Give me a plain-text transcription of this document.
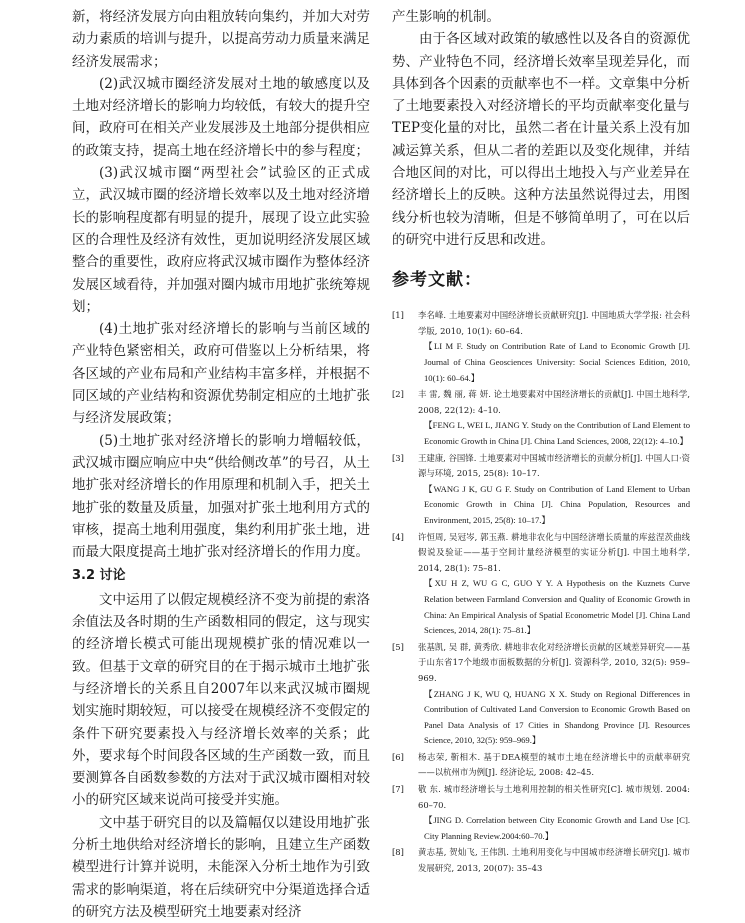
新，将经济发展方向由粗放转向集约，并加大对劳动力素质的培训与提升，以提高劳动力质量来满足经济发展需求；

(2)武汉城市圈经济发展对土地的敏感度以及土地对经济增长的影响力均较低，有较大的提升空间，政府可在相关产业发展涉及土地部分提供相应的政策支持，提高土地在经济增长中的参与程度；

(3)武汉城市圈“两型社会”试验区的正式成立，武汉城市圈的经济增长效率以及土地对经济增长的影响程度都有明显的提升，展现了设立此实验区的合理性及经济有效性，更加说明经济发展区域整合的重要性，政府应将武汉城市圈作为整体经济发展区域看待，并加强对圈内城市用地扩张统筹规划；

(4)土地扩张对经济增长的影响与当前区域的产业特色紧密相关，政府可借鉴以上分析结果，将各区域的产业布局和产业结构丰富多样，并根据不同区域的产业结构和资源优势制定相应的土地扩张与经济发展政策；

(5)土地扩张对经济增长的影响力增幅较低，武汉城市圈应响应中央“供给侧改革”的号召，从土地扩张对经济增长的作用原理和机制入手，把关土地扩张的数量及质量，加强对扩张土地利用方式的审核，提高土地利用强度，集约利用扩张土地，进而最大限度提高土地扩张对经济增长的作用力度。

3.2 讨论

文中运用了以假定规模经济不变为前提的索洛余值法及各时期的生产函数相同的假定，这与现实的经济增长模式可能出现规模扩张的情况难以一致。但基于文章的研究目的在于揭示城市土地扩张与经济增长的关系且自2007年以来武汉城市圈规划实施时期较短，可以接受在规模经济不变假定的条件下研究要素投入与经济增长效率的关系；此外，要求每个时间段各区域的生产函数一致，而且要测算各自函数参数的方法对于武汉城市圈相对较小的研究区域来说尚可接受并实施。

文中基于研究目的以及篇幅仅以建设用地扩张分析土地供给对经济增长的影响，且建立生产函数模型进行计算并说明，未能深入分析土地作为引致需求的影响渠道，将在后续研究中分渠道选择合适的研究方法及模型研究土地要素对经济

产生影响的机制。

由于各区域对政策的敏感性以及各自的资源优势、产业特色不同，经济增长效率呈现差异化，而具体到各个因素的贡献率也不一样。文章集中分析了土地要素投入对经济增长的平均贡献率变化量与TEP变化量的对比，虽然二者在计量关系上没有加减运算关系，但从二者的差距以及变化规律，并结合地区间的对比，可以得出土地投入与产业差异在经济增长上的反映。这种方法虽然说得过去，用图线分析也较为清晰，但是不够简单明了，可在以后的研究中进行反思和改进。

参考文献：
[1]	李名峰. 土地要素对中国经济增长贡献研究[J]. 中国地质大学学报: 社会科学版, 2010, 10(1): 60–64.
【LI M F. Study on Contribution Rate of Land to Economic Growth [J]. Journal of China Geosciences University: Social Sciences Edition, 2010, 10(1): 60–64.】
[2]	丰 雷, 魏 丽, 蒋 妍. 论土地要素对中国经济增长的贡献[J]. 中国土地科学, 2008, 22(12): 4–10.
【FENG L, WEI L, JIANG Y. Study on the Contribution of Land Element to Economic Growth in China [J]. China Land Sciences, 2008, 22(12): 4–10.】
[3]	王建康, 谷国锋. 土地要素对中国城市经济增长的贡献分析[J]. 中国人口·资源与环境, 2015, 25(8): 10–17.
【WANG J K, GU G F. Study on Contribution of Land Element to Urban Economic Growth in China [J]. China Population, Resources and Environment, 2015, 25(8): 10–17.】
[4]	许恒周, 吴冠岑, 郭玉燕. 耕地非农化与中国经济增长质量的库兹涅茨曲线假说及验证——基于空间计量经济模型的实证分析[J]. 中国土地科学, 2014, 28(1): 75–81.
【XU H Z, WU G C, GUO Y Y. A Hypothesis on the Kuznets Curve Relation between Farmland Conversion and Quality of Economic Growth in China: An Empirical Analysis of Spatial Econometric Model [J]. China Land Sciences, 2014, 28(1): 75–81.】
[5]	张基凯, 吴 群, 黄秀欣. 耕地非农化对经济增长贡献的区域差异研究——基于山东省17个地级市面板数据的分析[J]. 资源科学, 2010, 32(5): 959–969.
【ZHANG J K, WU Q, HUANG X X. Study on Regional Differences in Contribution of Cultivated Land Conversion to Economic Growth Based on Panel Data Analysis of 17 Cities in Shandong Province [J]. Resources Science, 2010, 32(5): 959–969.】
[6]	杨志荣, 靳相木. 基于DEA模型的城市土地在经济增长中的贡献率研究——以杭州市为例[J]. 经济论坛, 2008: 42–45.
[7]	敬 东. 城市经济增长与土地利用控制的相关性研究[C]. 城市规划. 2004: 60–70.
【JING D. Correlation between City Economic Growth and Land Use [C]. City Planning Review.2004:60–70.】
[8]	黄志基, 贺灿飞, 王伟凯. 土地利用变化与中国城市经济增长研究[J]. 城市发展研究, 2013, 20(07): 35–43
